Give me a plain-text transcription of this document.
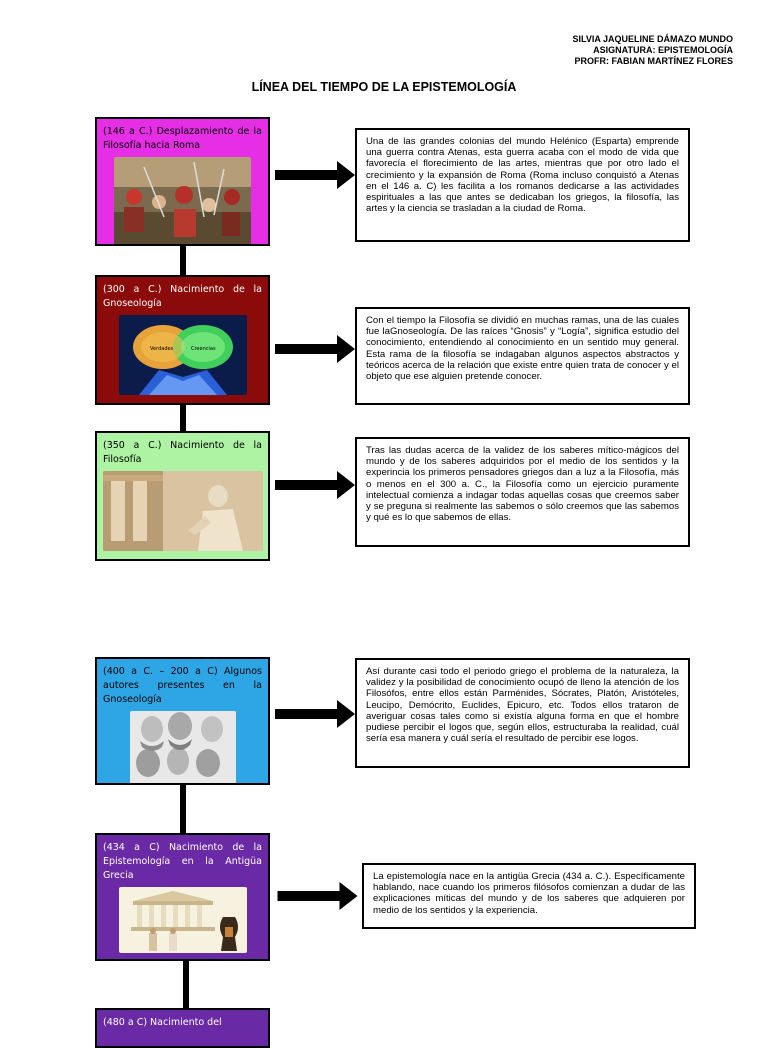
SILVIA JAQUELINE DÁMAZO MUNDO
ASIGNATURA: EPISTEMOLOGÍA
PROFR: FABIAN MARTÍNEZ FLORES
LÍNEA DEL TIEMPO DE LA EPISTEMOLOGÍA
(146 a C.) Desplazamiento de la Filosofía hacia Roma
(300 a C.) Nacimiento de la Gnoseología
Verdades	Creencias
(350 a C.) Nacimiento de la Filosofía
(400 a C. – 200 a C) Algunos autores presentes en la Gnoseología
(434 a C) Nacimiento de la Epistemología en la Antigüa Grecia
(480 a C) Nacimiento del
Una de las grandes colonias del mundo Helénico (Esparta) emprende una guerra contra Atenas, esta guerra acaba con el modo de vida que favorecía el florecimiento de las artes, mientras que por otro lado el crecimiento y la expansión de Roma (Roma incluso conquistó a Atenas en el 146 a. C) les facilita a los romanos dedicarse a las actividades espirituales a las que antes se dedicaban los griegos, la filosofía, las artes y la ciencia se trasladan a la ciudad de Roma.
Con el tiempo la Filosofía se dividió en muchas ramas, una de las cuales fue laGnoseología. De las raíces “Gnosis” y “Logía”, significa estudio del conocimiento, entendiendo al conocimiento en un sentido muy general. Esta rama de la filosofía se indagaban algunos aspectos abstractos y teóricos acerca de la relación que existe entre quien trata de conocer y el objeto que ese alguien pretende conocer.
Tras las dudas acerca de la validez de los saberes mítico-mágicos del mundo y de los saberes adquiridos por el medio de los sentidos y la experincia los primeros pensadores griegos dan a luz a la Filosofía, más o menos en el 300 a. C., la Filosofía como un ejercicio puramente intelectual comienza a indagar todas aquellas cosas que creemos saber y se preguna si realmente las sabemos o sólo creemos que las sabemos y qué es lo que sabemos de ellas.
Así durante casi todo el periodo griego el problema de la naturaleza, la validez y la posibilidad de conocimiento ocupó de lleno la atención de los Filosófos, entre ellos están Parménides, Sócrates, Platón, Aristóteles, Leucipo, Demócrito, Euclides, Epicuro, etc. Todos ellos trataron de averiguar cosas tales como si existía alguna forma en que el hombre pudiese percibir el logos que, según ellos, estructuraba la realidad, cuál sería esa manera y cuál sería el resultado de percibir ese logos.
La epistemología nace en la antigüa Grecia (434 a. C.). Específicamente hablando, nace cuando los primeros filósofos comienzan a dudar de las explicaciones míticas del mundo y de los saberes que adquieren por medio de los sentidos y la experiencia.
